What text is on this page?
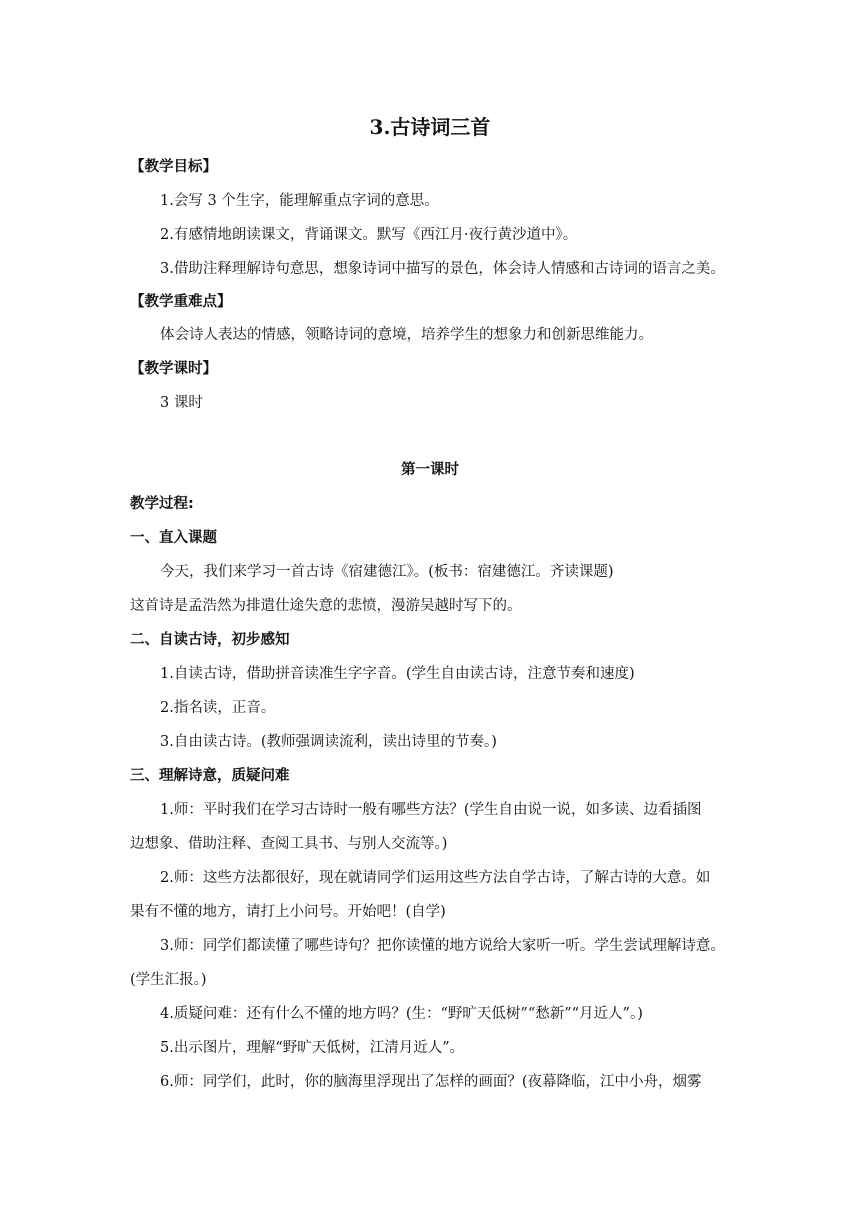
3.古诗词三首
【教学目标】
1.会写 3 个生字，能理解重点字词的意思。
2.有感情地朗读课文，背诵课文。默写《西江月·夜行黄沙道中》。
3.借助注释理解诗句意思，想象诗词中描写的景色，体会诗人情感和古诗词的语言之美。
【教学重难点】
体会诗人表达的情感，领略诗词的意境，培养学生的想象力和创新思维能力。
【教学课时】
3 课时
第一课时
教学过程:
一、直入课题
今天，我们来学习一首古诗《宿建德江》。(板书：宿建德江。齐读课题)
这首诗是孟浩然为排遣仕途失意的悲愤，漫游吴越时写下的。
二、自读古诗，初步感知
1.自读古诗，借助拼音读准生字字音。(学生自由读古诗，注意节奏和速度)
2.指名读，正音。
3.自由读古诗。(教师强调读流利，读出诗里的节奏。)
三、理解诗意，质疑问难
1.师：平时我们在学习古诗时一般有哪些方法？(学生自由说一说，如多读、边看插图
边想象、借助注释、查阅工具书、与别人交流等。)
2.师：这些方法都很好，现在就请同学们运用这些方法自学古诗，了解古诗的大意。如
果有不懂的地方，请打上小问号。开始吧！(自学)
3.师：同学们都读懂了哪些诗句？把你读懂的地方说给大家听一听。学生尝试理解诗意。
(学生汇报。)
4.质疑问难：还有什么不懂的地方吗？(生：“野旷天低树”“愁新”“月近人”。)
5.出示图片，理解“野旷天低树，江清月近人”。
6.师：同学们，此时，你的脑海里浮现出了怎样的画面？(夜幕降临，江中小舟，烟雾
